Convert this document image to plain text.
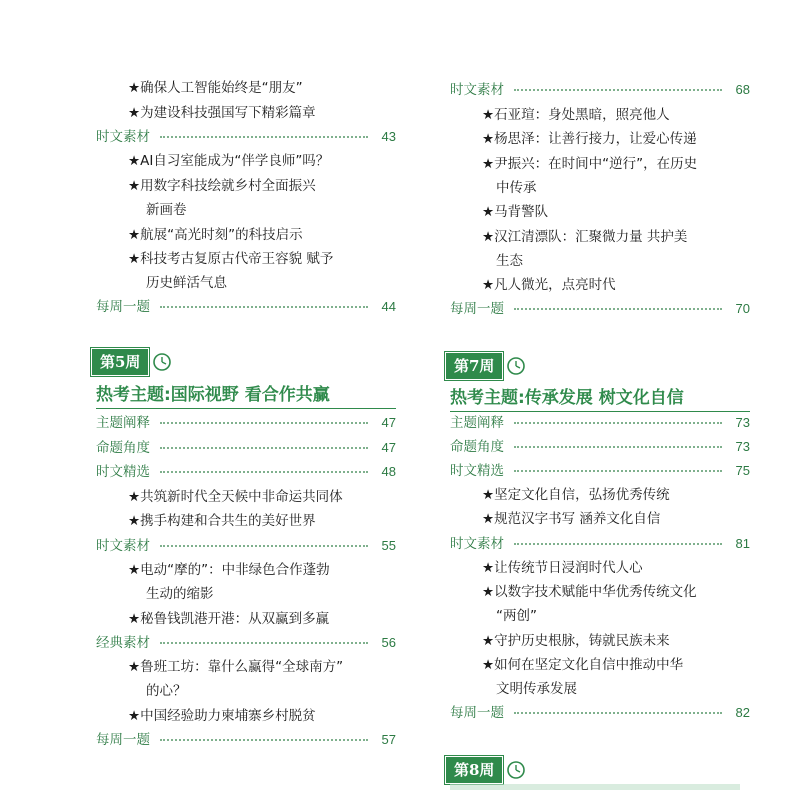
★确保人工智能始终是“朋友”
★为建设科技强国写下精彩篇章
时文素材	43
★AI自习室能成为“伴学良师”吗？
★用数字科技绘就乡村全面振兴
新画卷
★航展“高光时刻”的科技启示
★科技考古复原古代帝王容貌 赋予
历史鲜活气息
每周一题	44
第5周
热考主题:国际视野 看合作共赢
主题阐释	47
命题角度	47
时文精选	48
★共筑新时代全天候中非命运共同体
★携手构建和合共生的美好世界
时文素材	55
★电动“摩的”：中非绿色合作蓬勃
生动的缩影
★秘鲁钱凯港开港：从双赢到多赢
经典素材	56
★鲁班工坊：靠什么赢得“全球南方”
的心？
★中国经验助力柬埔寨乡村脱贫
每周一题	57
时文素材	68
★石亚瑄：身处黑暗，照亮他人
★杨思泽：让善行接力，让爱心传递
★尹振兴：在时间中“逆行”，在历史
中传承
★马背警队
★汉江清漂队：汇聚微力量 共护美
生态
★凡人微光，点亮时代
每周一题	70
第7周
热考主题:传承发展 树文化自信
主题阐释	73
命题角度	73
时文精选	75
★坚定文化自信，弘扬优秀传统
★规范汉字书写 涵养文化自信
时文素材	81
★让传统节日浸润时代人心
★以数字技术赋能中华优秀传统文化
“两创”
★守护历史根脉，铸就民族未来
★如何在坚定文化自信中推动中华
文明传承发展
每周一题	82
第8周
